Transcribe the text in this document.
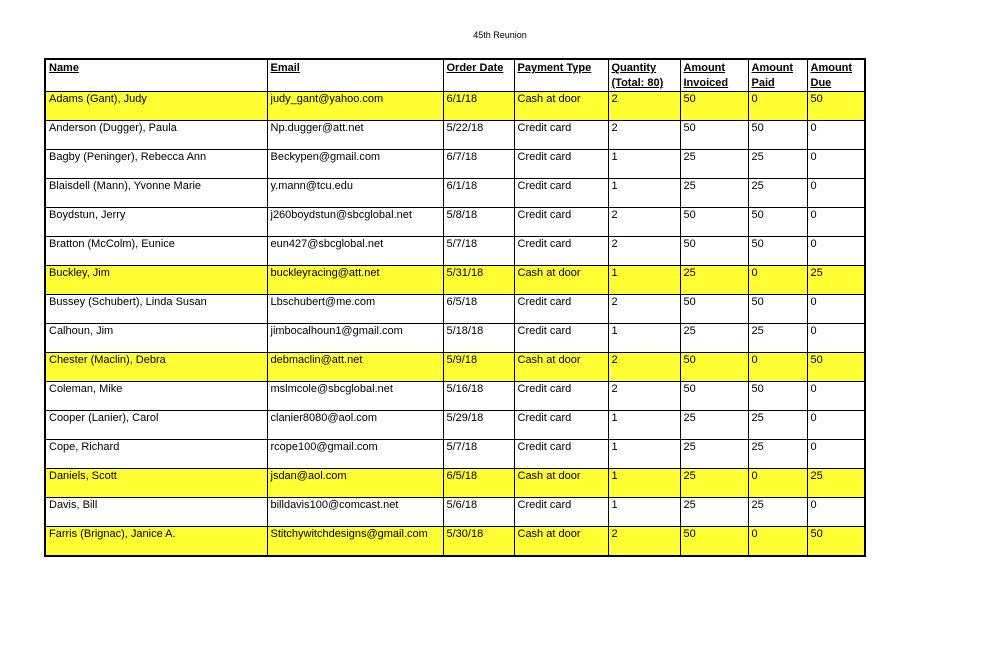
45th Reunion
Name	Email	Order Date	Payment Type	Quantity (Total: 80)	Amount Invoiced	Amount Paid	Amount Due
Adams (Gant), Judy	judy_gant@yahoo.com	6/1/18	Cash at door	2	50	0	50
Anderson (Dugger), Paula	Np.dugger@att.net	5/22/18	Credit card	2	50	50	0
Bagby (Peninger), Rebecca Ann	Beckypen@gmail.com	6/7/18	Credit card	1	25	25	0
Blaisdell (Mann), Yvonne Marie	y.mann@tcu.edu	6/1/18	Credit card	1	25	25	0
Boydstun, Jerry	j260boydstun@sbcglobal.net	5/8/18	Credit card	2	50	50	0
Bratton (McColm), Eunice	eun427@sbcglobal.net	5/7/18	Credit card	2	50	50	0
Buckley, Jim	buckleyracing@att.net	5/31/18	Cash at door	1	25	0	25
Bussey (Schubert), Linda Susan	Lbschubert@me.com	6/5/18	Credit card	2	50	50	0
Calhoun, Jim	jimbocalhoun1@gmail.com	5/18/18	Credit card	1	25	25	0
Chester (Maclin), Debra	debmaclin@att.net	5/9/18	Cash at door	2	50	0	50
Coleman, Mike	mslmcole@sbcglobal.net	5/16/18	Credit card	2	50	50	0
Cooper (Lanier), Carol	clanier8080@aol.com	5/29/18	Credit card	1	25	25	0
Cope, Richard	rcope100@gmail.com	5/7/18	Credit card	1	25	25	0
Daniels, Scott	jsdan@aol.com	6/5/18	Cash at door	1	25	0	25
Davis, Bill	billdavis100@comcast.net	5/6/18	Credit card	1	25	25	0
Farris (Brignac), Janice A.	Stitchywitchdesigns@gmail.com	5/30/18	Cash at door	2	50	0	50
